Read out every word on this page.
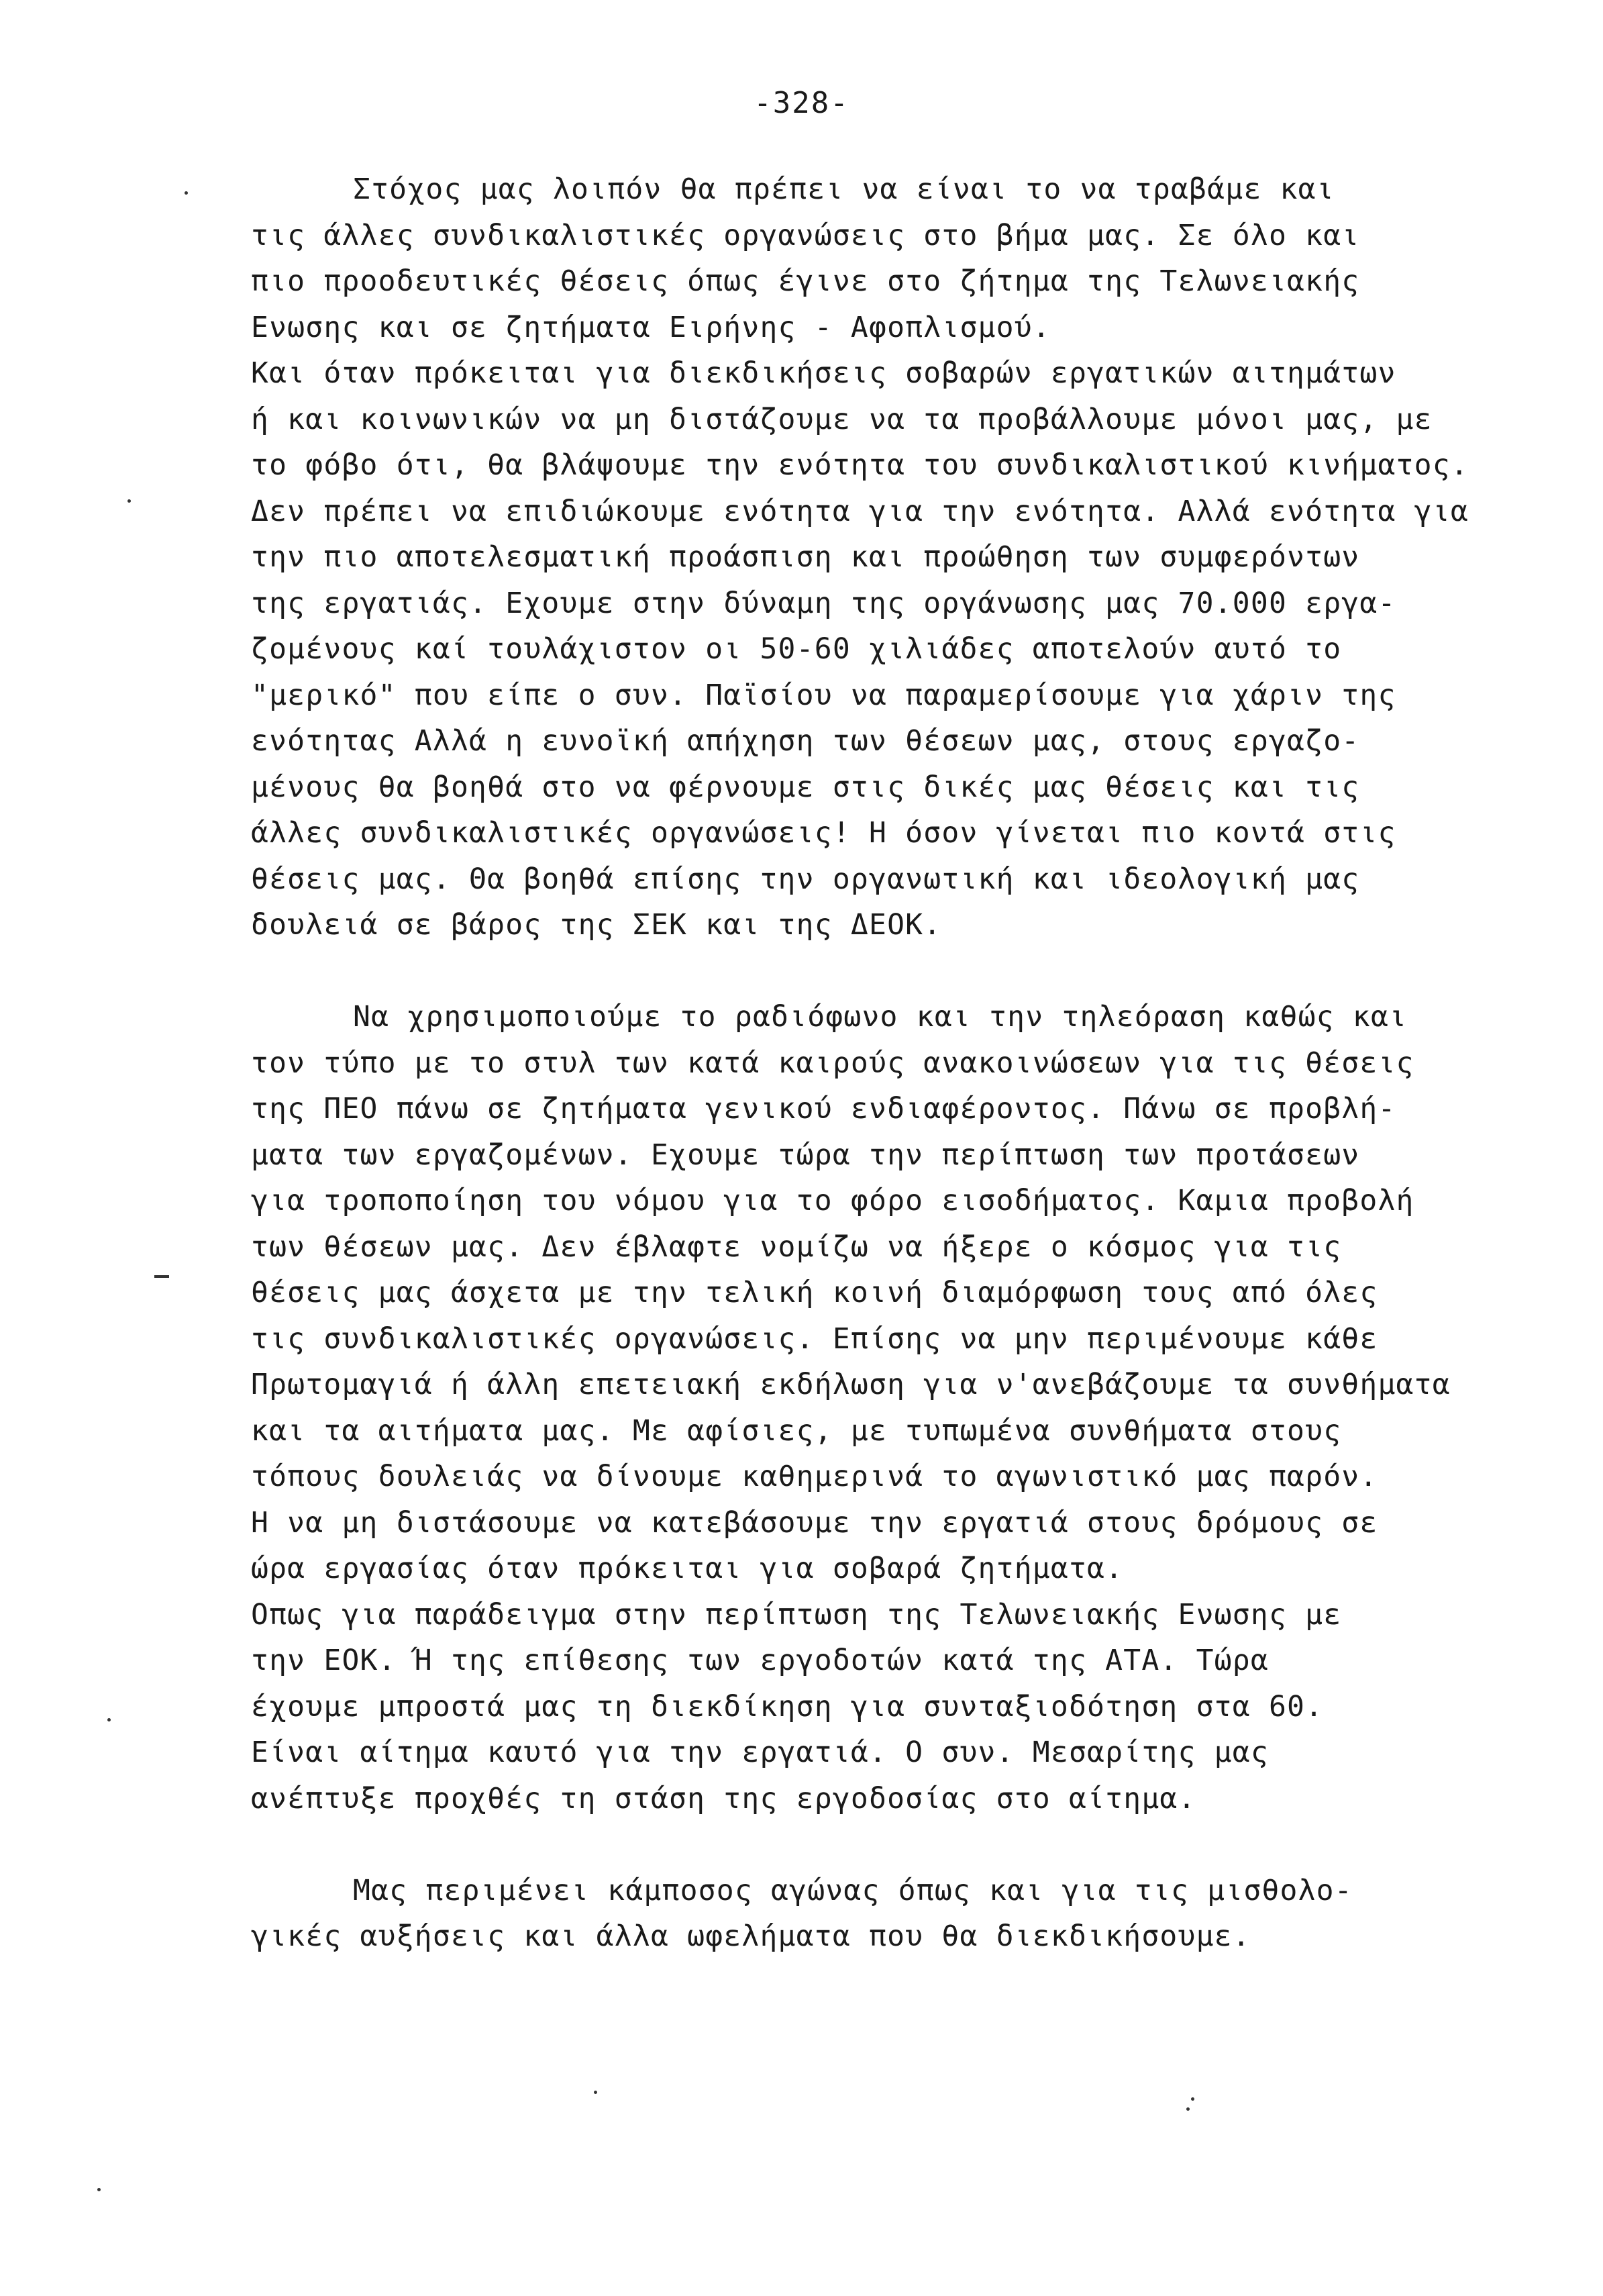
-328-
Στόχος μας λοιπόν θα πρέπει να είναι το να τραβάμε και
τις άλλες συνδικαλιστικές οργανώσεις στο βήμα μας. Σε όλο και
πιο προοδευτικές θέσεις όπως έγινε στο ζήτημα της Τελωνειακής
Ενωσης και σε ζητήματα Ειρήνης - Αφοπλισμού.
Και όταν πρόκειται για διεκδικήσεις σοβαρών εργατικών αιτημάτων
ή και κοινωνικών να μη διστάζουμε να τα προβάλλουμε μόνοι μας, με
το φόβο ότι, θα βλάψουμε την ενότητα του συνδικαλιστικού κινήματος.
Δεν πρέπει να επιδιώκουμε ενότητα για την ενότητα. Αλλά ενότητα για
την πιο αποτελεσματική προάσπιση και προώθηση των συμφερόντων
της εργατιάς. Εχουμε στην δύναμη της οργάνωσης μας 70.000 εργα-
ζομένους καί τουλάχιστον οι 50-60 χιλιάδες αποτελούν αυτό το
"μερικό" που είπε ο συν. Παϊσίου να παραμερίσουμε για χάριν της
ενότητας Αλλά η ευνοϊκή απήχηση των θέσεων μας, στους εργαζο-
μένους θα βοηθά στο να φέρνουμε στις δικές μας θέσεις και τις
άλλες συνδικαλιστικές οργανώσεις! Η όσον γίνεται πιο κοντά στις
θέσεις μας. Θα βοηθά επίσης την οργανωτική και ιδεολογική μας
δουλειά σε βάρος της ΣΕΚ και της ΔΕΟΚ.
Να χρησιμοποιούμε το ραδιόφωνο και την τηλεόραση καθώς και
τον τύπο με το στυλ των κατά καιρούς ανακοινώσεων για τις θέσεις
της ΠΕΟ πάνω σε ζητήματα γενικού ενδιαφέροντος. Πάνω σε προβλή-
ματα των εργαζομένων. Εχουμε τώρα την περίπτωση των προτάσεων
για τροποποίηση του νόμου για το φόρο εισοδήματος. Καμια προβολή
των θέσεων μας. Δεν έβλαφτε νομίζω να ήξερε ο κόσμος για τις
θέσεις μας άσχετα με την τελική κοινή διαμόρφωση τους από όλες
τις συνδικαλιστικές οργανώσεις. Επίσης να μην περιμένουμε κάθε
Πρωτομαγιά ή άλλη επετειακή εκδήλωση για ν'ανεβάζουμε τα συνθήματα
και τα αιτήματα μας. Με αφίσιες, με τυπωμένα συνθήματα στους
τόπους δουλειάς να δίνουμε καθημερινά το αγωνιστικό μας παρόν.
Η να μη διστάσουμε να κατεβάσουμε την εργατιά στους δρόμους σε
ώρα εργασίας όταν πρόκειται για σοβαρά ζητήματα.
Οπως για παράδειγμα στην περίπτωση της Τελωνειακής Ενωσης με
την ΕΟΚ. Ή της επίθεσης των εργοδοτών κατά της ΑΤΑ. Τώρα
έχουμε μπροστά μας τη διεκδίκηση για συνταξιοδότηση στα 60.
Είναι αίτημα καυτό για την εργατιά. Ο συν. Μεσαρίτης μας
ανέπτυξε προχθές τη στάση της εργοδοσίας στο αίτημα.
Μας περιμένει κάμποσος αγώνας όπως και για τις μισθολο-
γικές αυξήσεις και άλλα ωφελήματα που θα διεκδικήσουμε.
